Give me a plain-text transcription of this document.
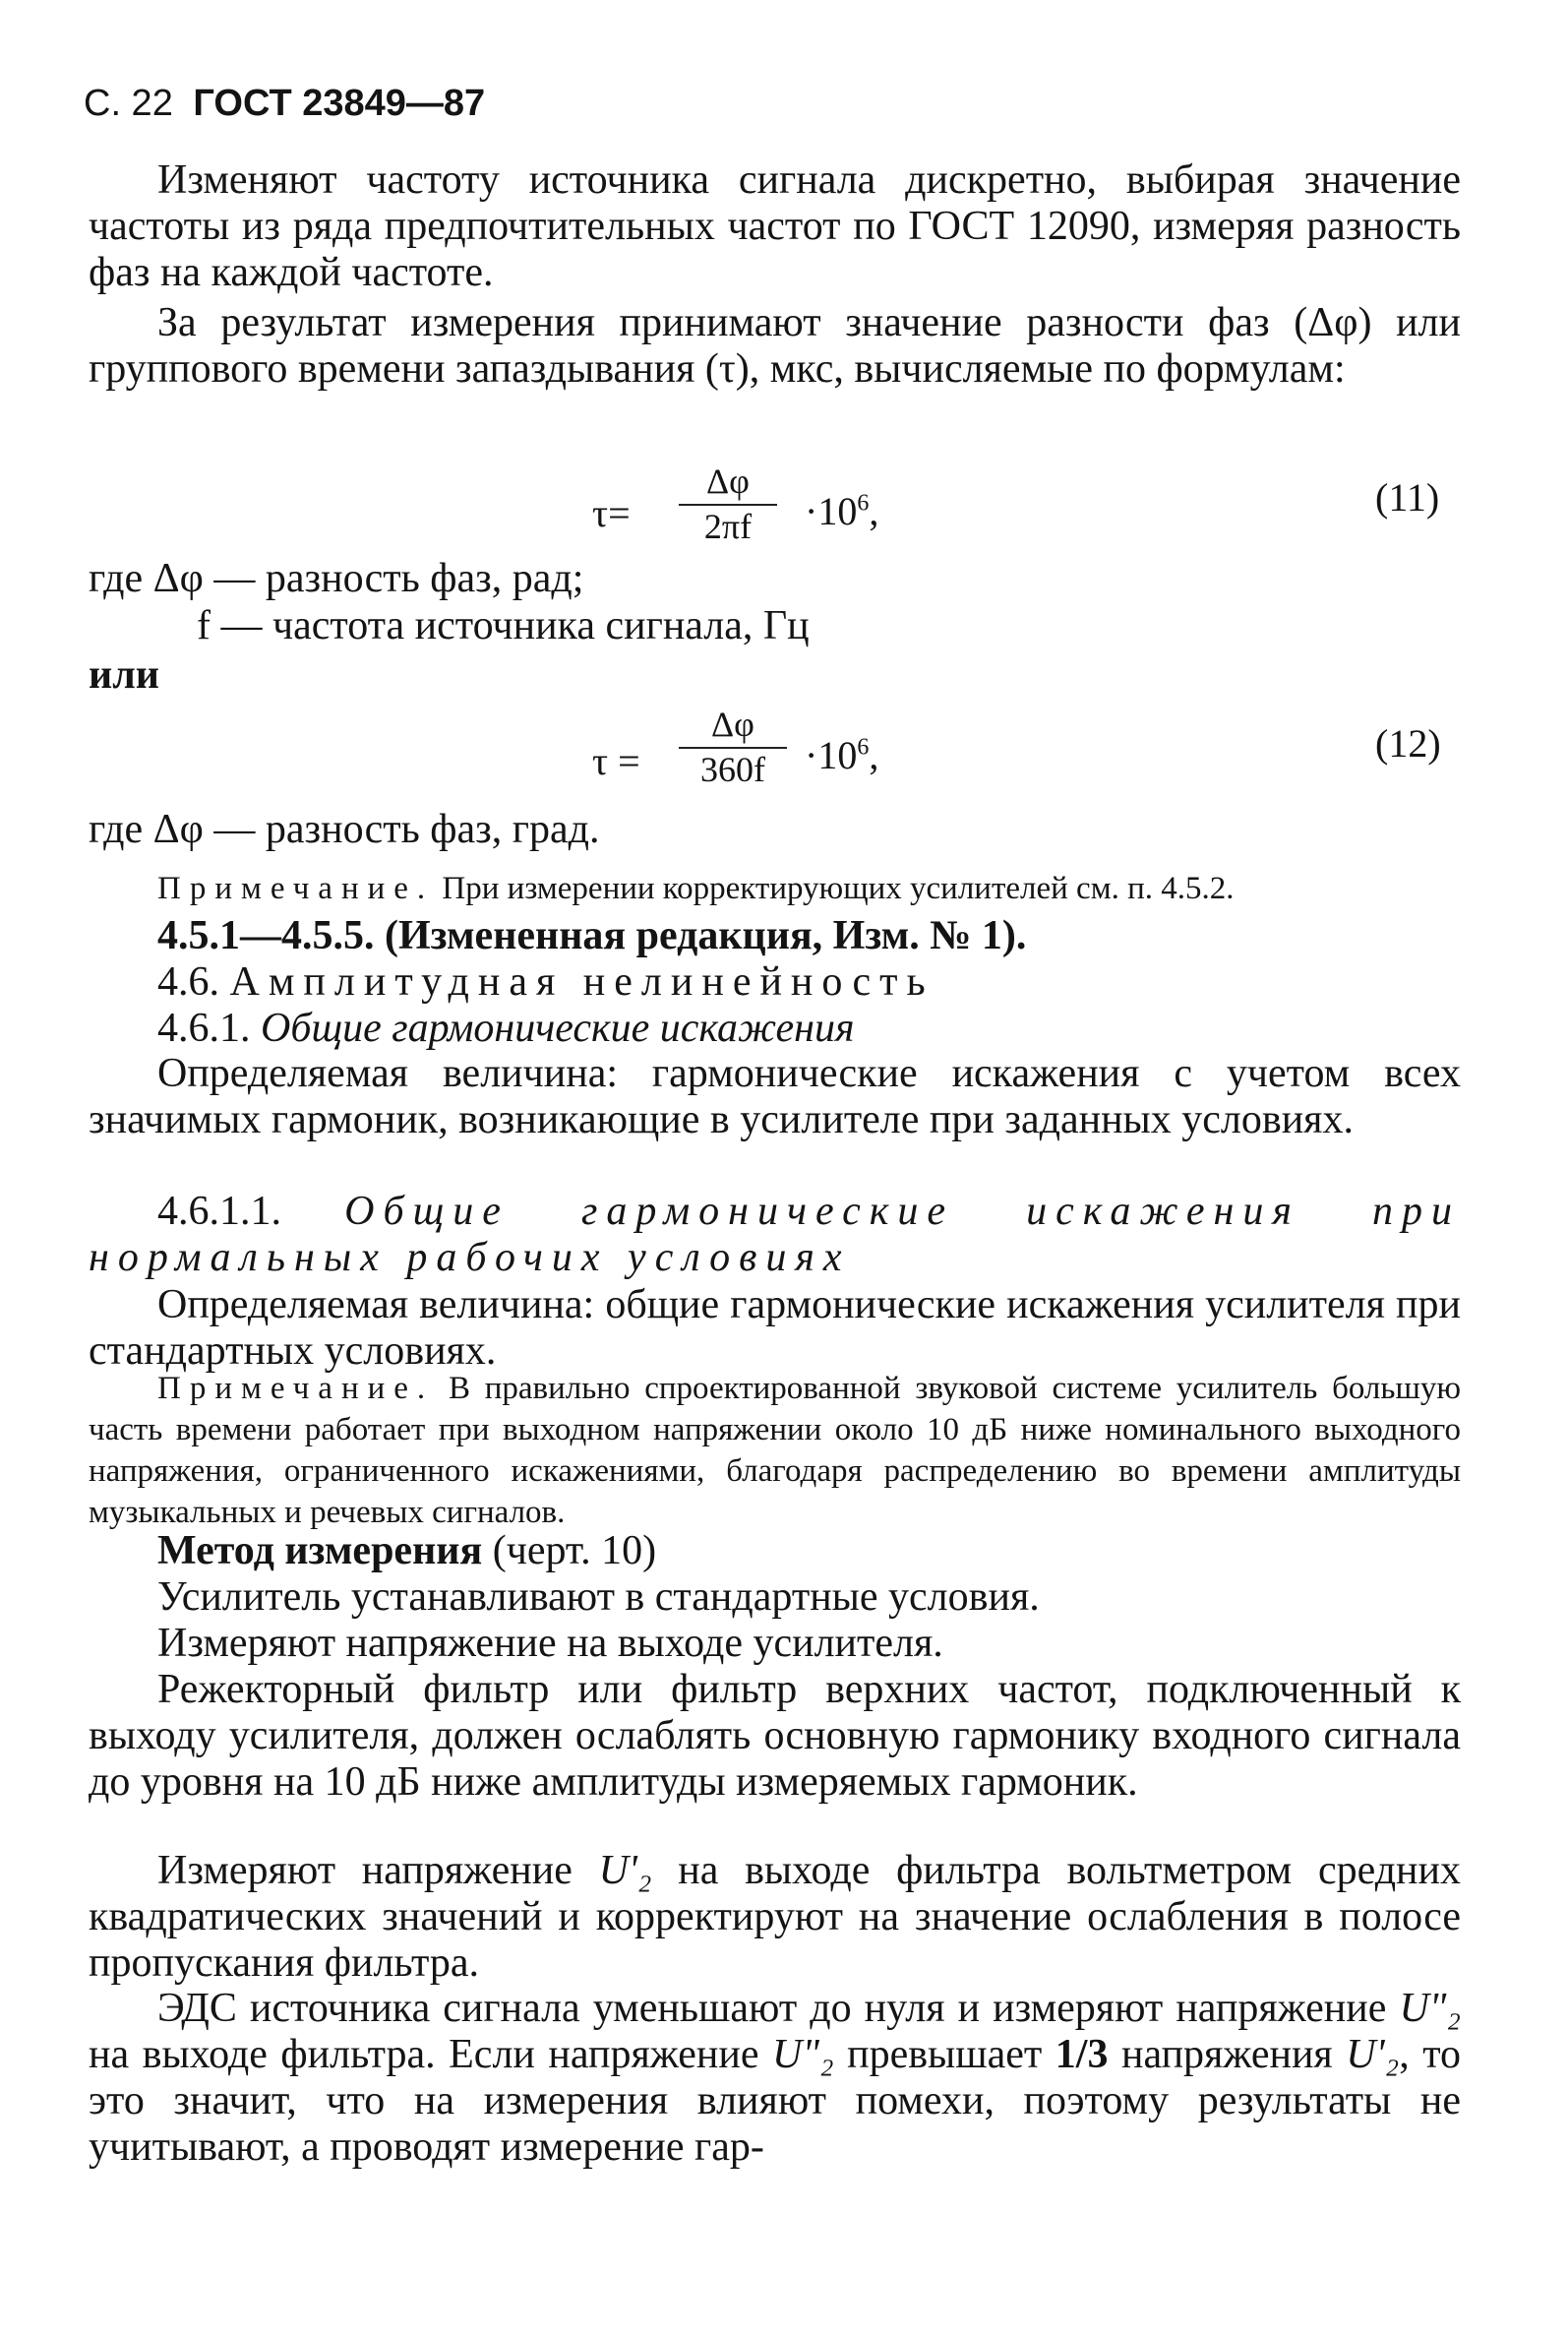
С. 22 ГОСТ 23849—87

Изменяют частоту источника сигнала дискретно, выбирая значение частоты из ряда предпочтительных частот по ГОСТ 12090, измеряя разность фаз на каждой частоте.

За результат измерения принимают значение разности фаз (Δφ) или группового времени запаздывания (τ), мкс, вычисляемые по формулам:

$\tau= \frac{\Delta\varphi}{2\pi f} \cdot 10^6$,	(11)

где Δφ — разность фаз, рад;

f — частота источника сигнала, Гц

или

$\tau = \frac{\Delta\varphi}{360f} \cdot 10^6$,	(12)

где Δφ — разность фаз, град.

Примечание. При измерении корректирующих усилителей см. п. 4.5.2.

4.5.1—4.5.5. (Измененная редакция, Изм. № 1).

4.6. Амплитудная нелинейность

4.6.1. Общие гармонические искажения

Определяемая величина: гармонические искажения с учетом всех значимых гармоник, возникающие в усилителе при заданных условиях.

4.6.1.1. Общие гармонические искажения при нормальных рабочих условиях

Определяемая величина: общие гармонические искажения усилителя при стандартных условиях.

Примечание. В правильно спроектированной звуковой системе усилитель большую часть времени работает при выходном напряжении около 10 дБ ниже номинального выходного напряжения, ограниченного искажениями, благодаря распределению во времени амплитуды музыкальных и речевых сигналов.

Метод измерения (черт. 10)

Усилитель устанавливают в стандартные условия.

Измеряют напряжение на выходе усилителя.

Режекторный фильтр или фильтр верхних частот, подключенный к выходу усилителя, должен ослаблять основную гармонику входного сигнала до уровня на 10 дБ ниже амплитуды измеряемых гармоник.

Измеряют напряжение U'₂ на выходе фильтра вольтметром средних квадратических значений и корректируют на значение ослабления в полосе пропускания фильтра.

ЭДС источника сигнала уменьшают до нуля и измеряют напряжение U"₂ на выходе фильтра. Если напряжение U"₂ превышает 1/3 напряжения U'₂, то это значит, что на измерения влияют помехи, поэтому результаты не учитывают, а проводят измерение гар-
